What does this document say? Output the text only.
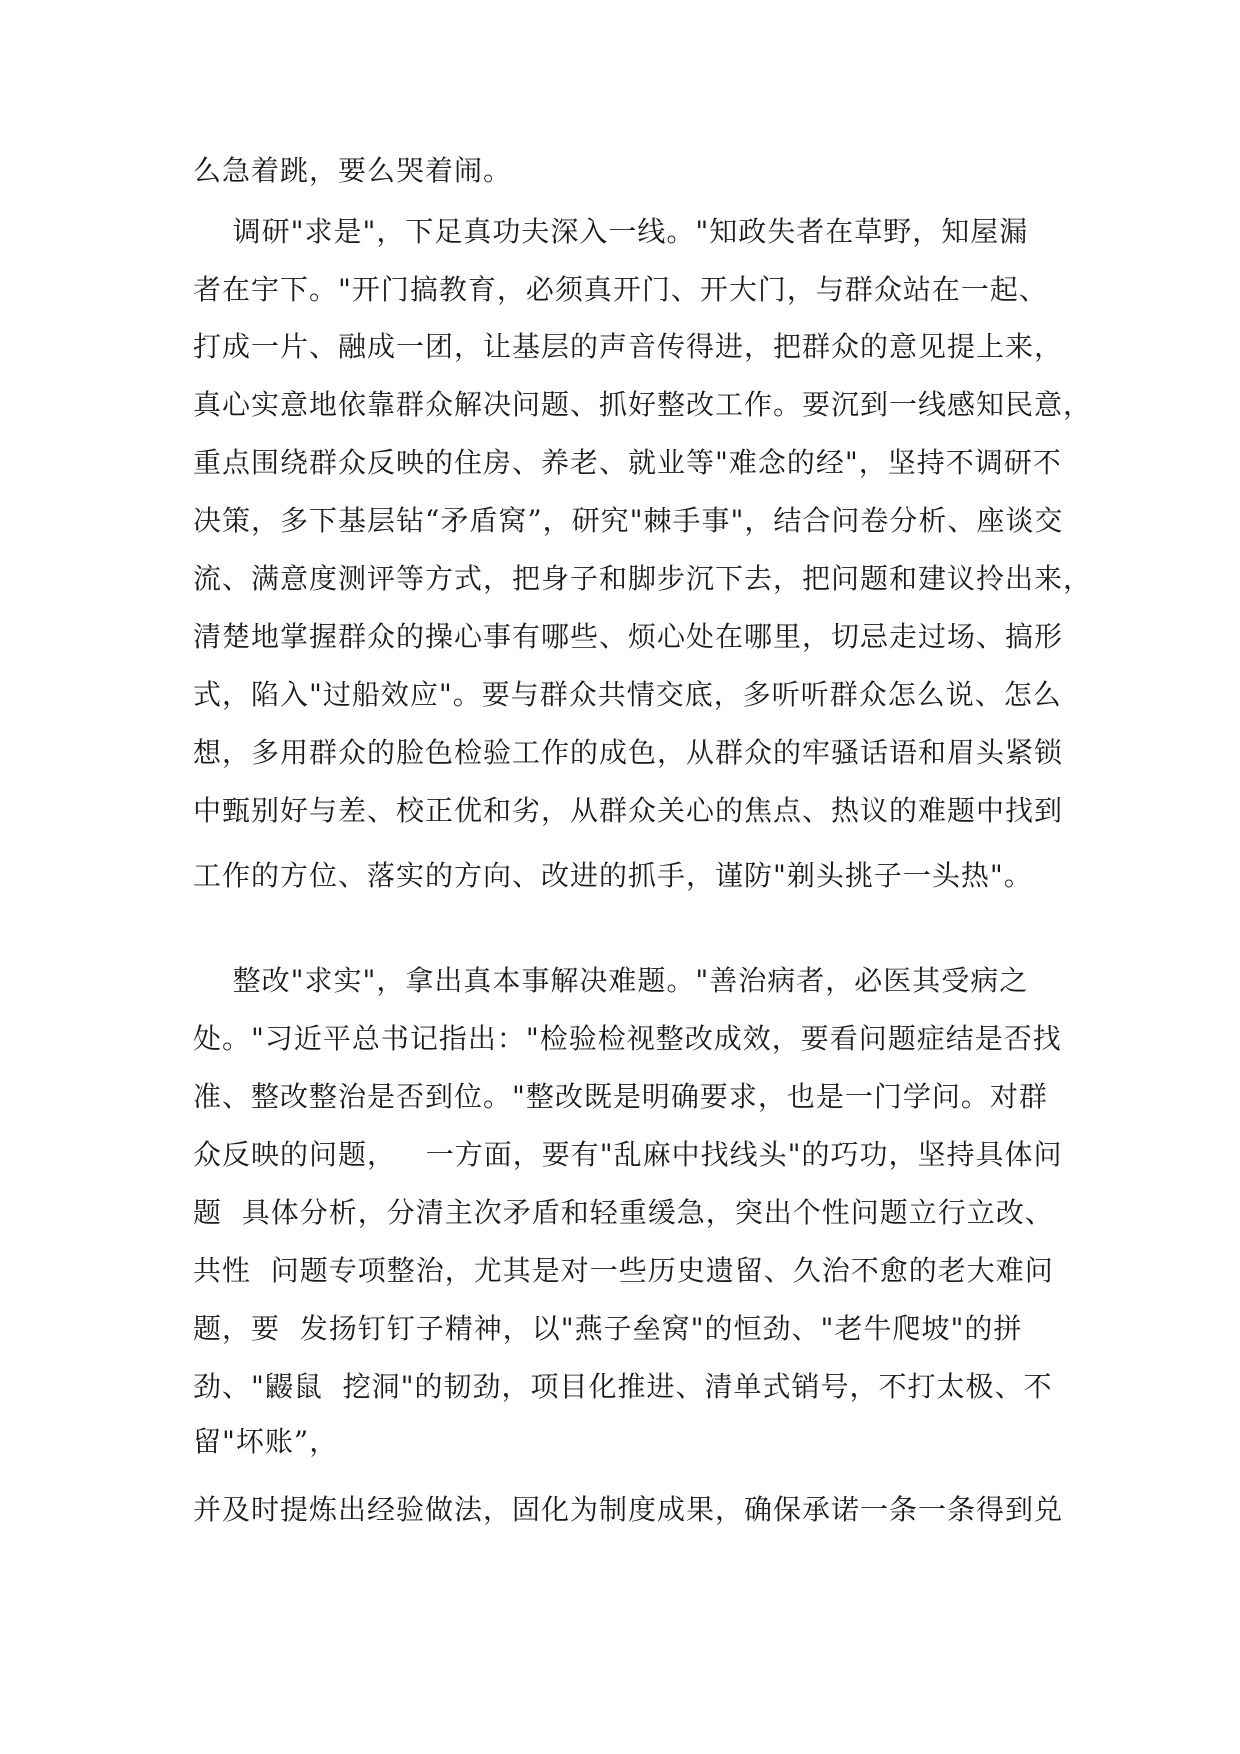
么急着跳，要么哭着闹。
调研"求是"，下足真功夫深入一线。"知政失者在草野，知屋漏
者在宇下。"开门搞教育，必须真开门、开大门，与群众站在一起、
打成一片、融成一团，让基层的声音传得进，把群众的意见提上来，
真心实意地依靠群众解决问题、抓好整改工作。要沉到一线感知民意，
重点围绕群众反映的住房、养老、就业等"难念的经"，坚持不调研不
决策，多下基层钻“矛盾窝”，研究"棘手事"，结合问卷分析、座谈交
流、满意度测评等方式，把身子和脚步沉下去，把问题和建议拎出来，
清楚地掌握群众的操心事有哪些、烦心处在哪里，切忌走过场、搞形
式，陷入"过船效应"。要与群众共情交底，多听听群众怎么说、怎么
想，多用群众的脸色检验工作的成色，从群众的牢骚话语和眉头紧锁
中甄别好与差、校正优和劣，从群众关心的焦点、热议的难题中找到
工作的方位、落实的方向、改进的抓手，谨防"剃头挑子一头热"。
整改"求实"，拿出真本事解决难题。"善治病者，必医其受病之
处。"习近平总书记指出："检验检视整改成效，要看问题症结是否找
准、整改整治是否到位。"整改既是明确要求，也是一门学问。对群
众反映的问题，   一方面，要有"乱麻中找线头"的巧功，坚持具体问
题  具体分析，分清主次矛盾和轻重缓急，突出个性问题立行立改、
共性  问题专项整治，尤其是对一些历史遗留、久治不愈的老大难问
题，要  发扬钉钉子精神，以"燕子垒窝"的恒劲、"老牛爬坡"的拼
劲、"鼹鼠  挖洞"的韧劲，项目化推进、清单式销号，不打太极、不
留"坏账”，
并及时提炼出经验做法，固化为制度成果，确保承诺一条一条得到兑
